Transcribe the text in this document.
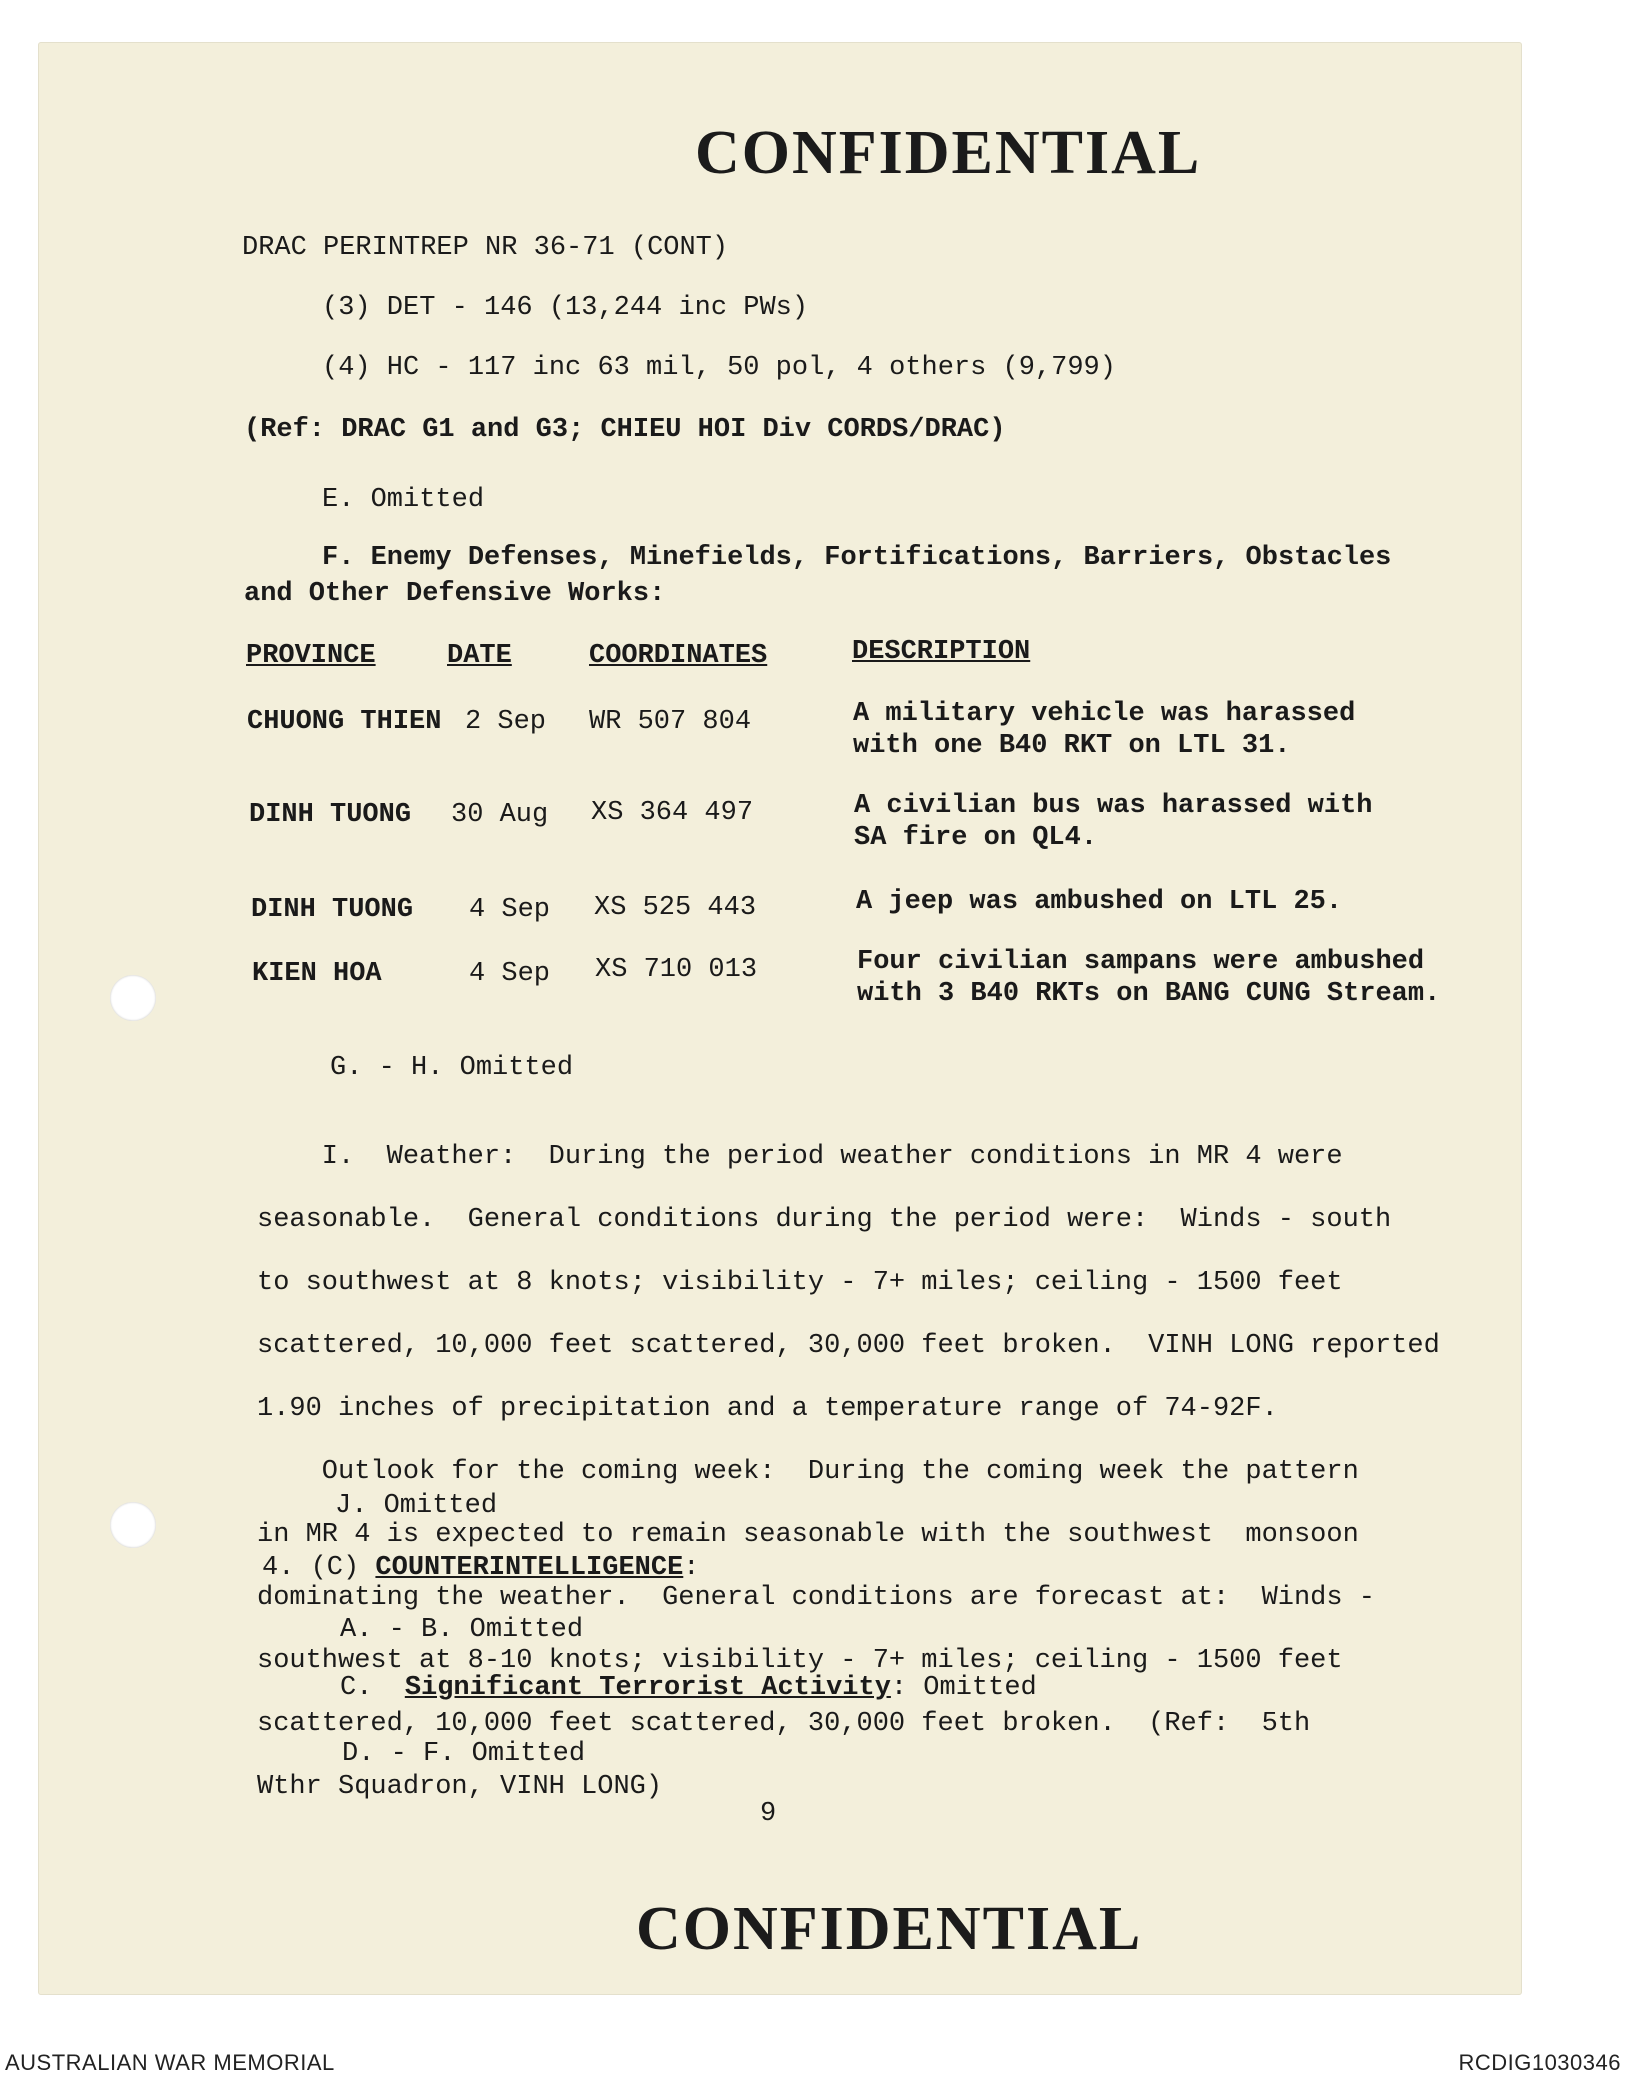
CONFIDENTIAL
DRAC PERINTREP NR 36-71 (CONT)
(3) DET - 146 (13,244 inc PWs)
(4) HC - 117 inc 63 mil, 50 pol, 4 others (9,799)
(Ref: DRAC G1 and G3; CHIEU HOI Div CORDS/DRAC)
E. Omitted
F. Enemy Defenses, Minefields, Fortifications, Barriers, Obstacles
and Other Defensive Works:
PROVINCE	DATE	COORDINATES	DESCRIPTION
CHUONG THIEN 2 Sep WR 507 804	A military vehicle was harassed
with one B40 RKT on LTL 31.
DINH TUONG 30 Aug XS 364 497	A civilian bus was harassed with
SA fire on QL4.
DINH TUONG 4 Sep XS 525 443	A jeep was ambushed on LTL 25.
KIEN HOA	4 Sep XS 710 013	Four civilian sampans were ambushed
with 3 B40 RKTs on BANG CUNG Stream.
G. - H. Omitted

I.  Weather:  During the period weather conditions in MR 4 were

seasonable.  General conditions during the period were:  Winds - south

to southwest at 8 knots; visibility - 7+ miles; ceiling - 1500 feet

scattered, 10,000 feet scattered, 30,000 feet broken.  VINH LONG reported

1.90 inches of precipitation and a temperature range of 74-92F.

Outlook for the coming week:  During the coming week the pattern

in MR 4 is expected to remain seasonable with the southwest  monsoon

dominating the weather.  General conditions are forecast at:  Winds -

southwest at 8-10 knots; visibility - 7+ miles; ceiling - 1500 feet

scattered, 10,000 feet scattered, 30,000 feet broken.  (Ref:  5th

Wthr Squadron, VINH LONG)

J. Omitted
4. (C) COUNTERINTELLIGENCE:
A. - B. Omitted
C. Significant Terrorist Activity: Omitted
D. - F. Omitted
9
CONFIDENTIAL
AUSTRALIAN WAR MEMORIAL	RCDIG1030346
